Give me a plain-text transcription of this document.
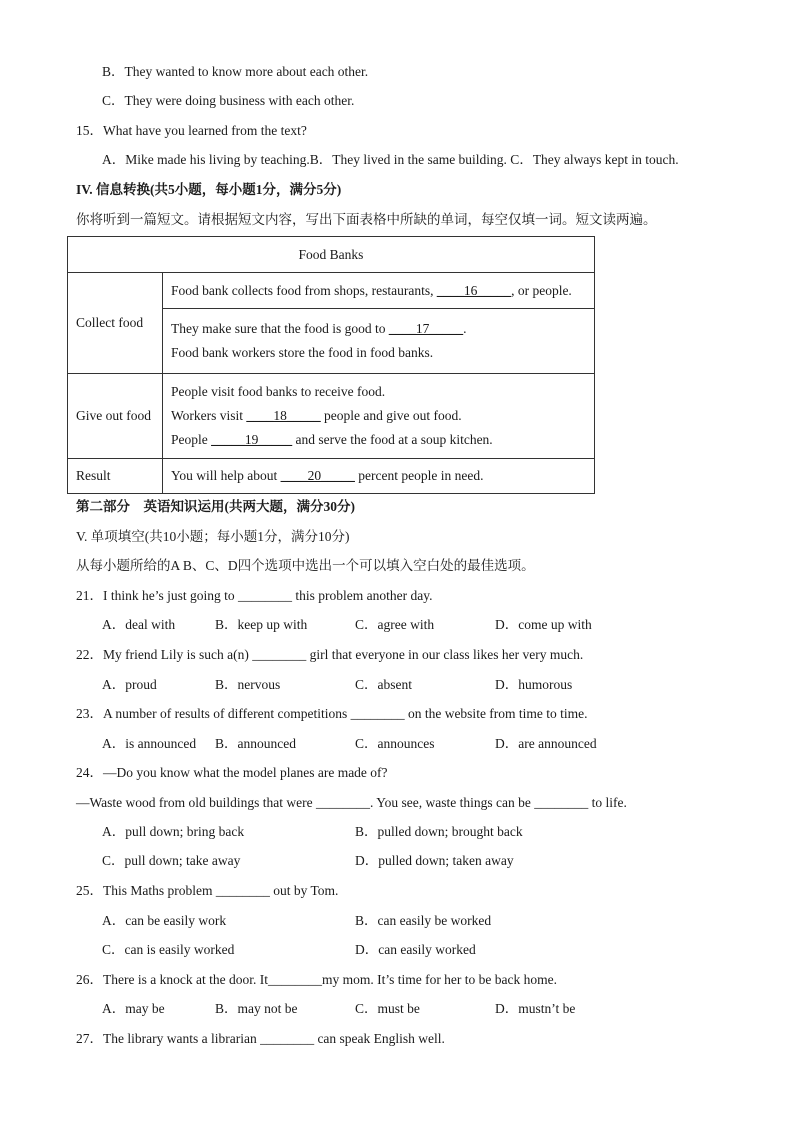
B．They wanted to know more about each other.
C．They were doing business with each other.
15．What have you learned from the text?
A．Mike made his living by teaching.B．They lived in the same building. C．They always kept in touch.
IV. 信息转换(共5小题，每小题1分，满分5分)
你将听到一篇短文。请根据短文内容，写出下面表格中所缺的单词，每空仅填一词。短文读两遍。
Food Banks	
Collect food	Food bank collects food from shops, restaurants, ____16_____, or people.

	They make sure that the food is good to ____17_____.
Food bank workers store the food in food banks.

Give out food	People visit food banks to receive food.
Workers visit ____18_____ people and give out food.
People _____19_____ and serve the food at a soup kitchen.

Result	You will help about ____20_____ percent people in need.
第二部分　英语知识运用(共两大题，满分30分)
V. 单项填空(共10小题；每小题1分，满分10分)
从每小题所给的A B、C、D四个选项中选出一个可以填入空白处的最佳选项。
21．I think he’s just going to ________ this problem another day.
A．deal with	B．keep up with	C．agree with	D．come up with
22．My friend Lily is such a(n) ________ girl that everyone in our class likes her very much.
A．proud	B．nervous	C．absent	D．humorous
23．A number of results of different competitions ________ on the website from time to time.
A．is announced B．announced	C．announces	D．are announced
24．—Do you know what the model planes are made of?
—Waste wood from old buildings that were ________. You see, waste things can be ________ to life.
A．pull down; bring back	B．pulled down; brought back
C．pull down; take away	D．pulled down; taken away
25．This Maths problem ________ out by Tom.
A．can be easily work	B．can easily be worked
C．can is easily worked	D．can easily worked
26．There is a knock at the door. It________my mom. It’s time for her to be back home.
A．may be	B．may not be	C．must be	D．mustn’t be
27．The library wants a librarian ________ can speak English well.
